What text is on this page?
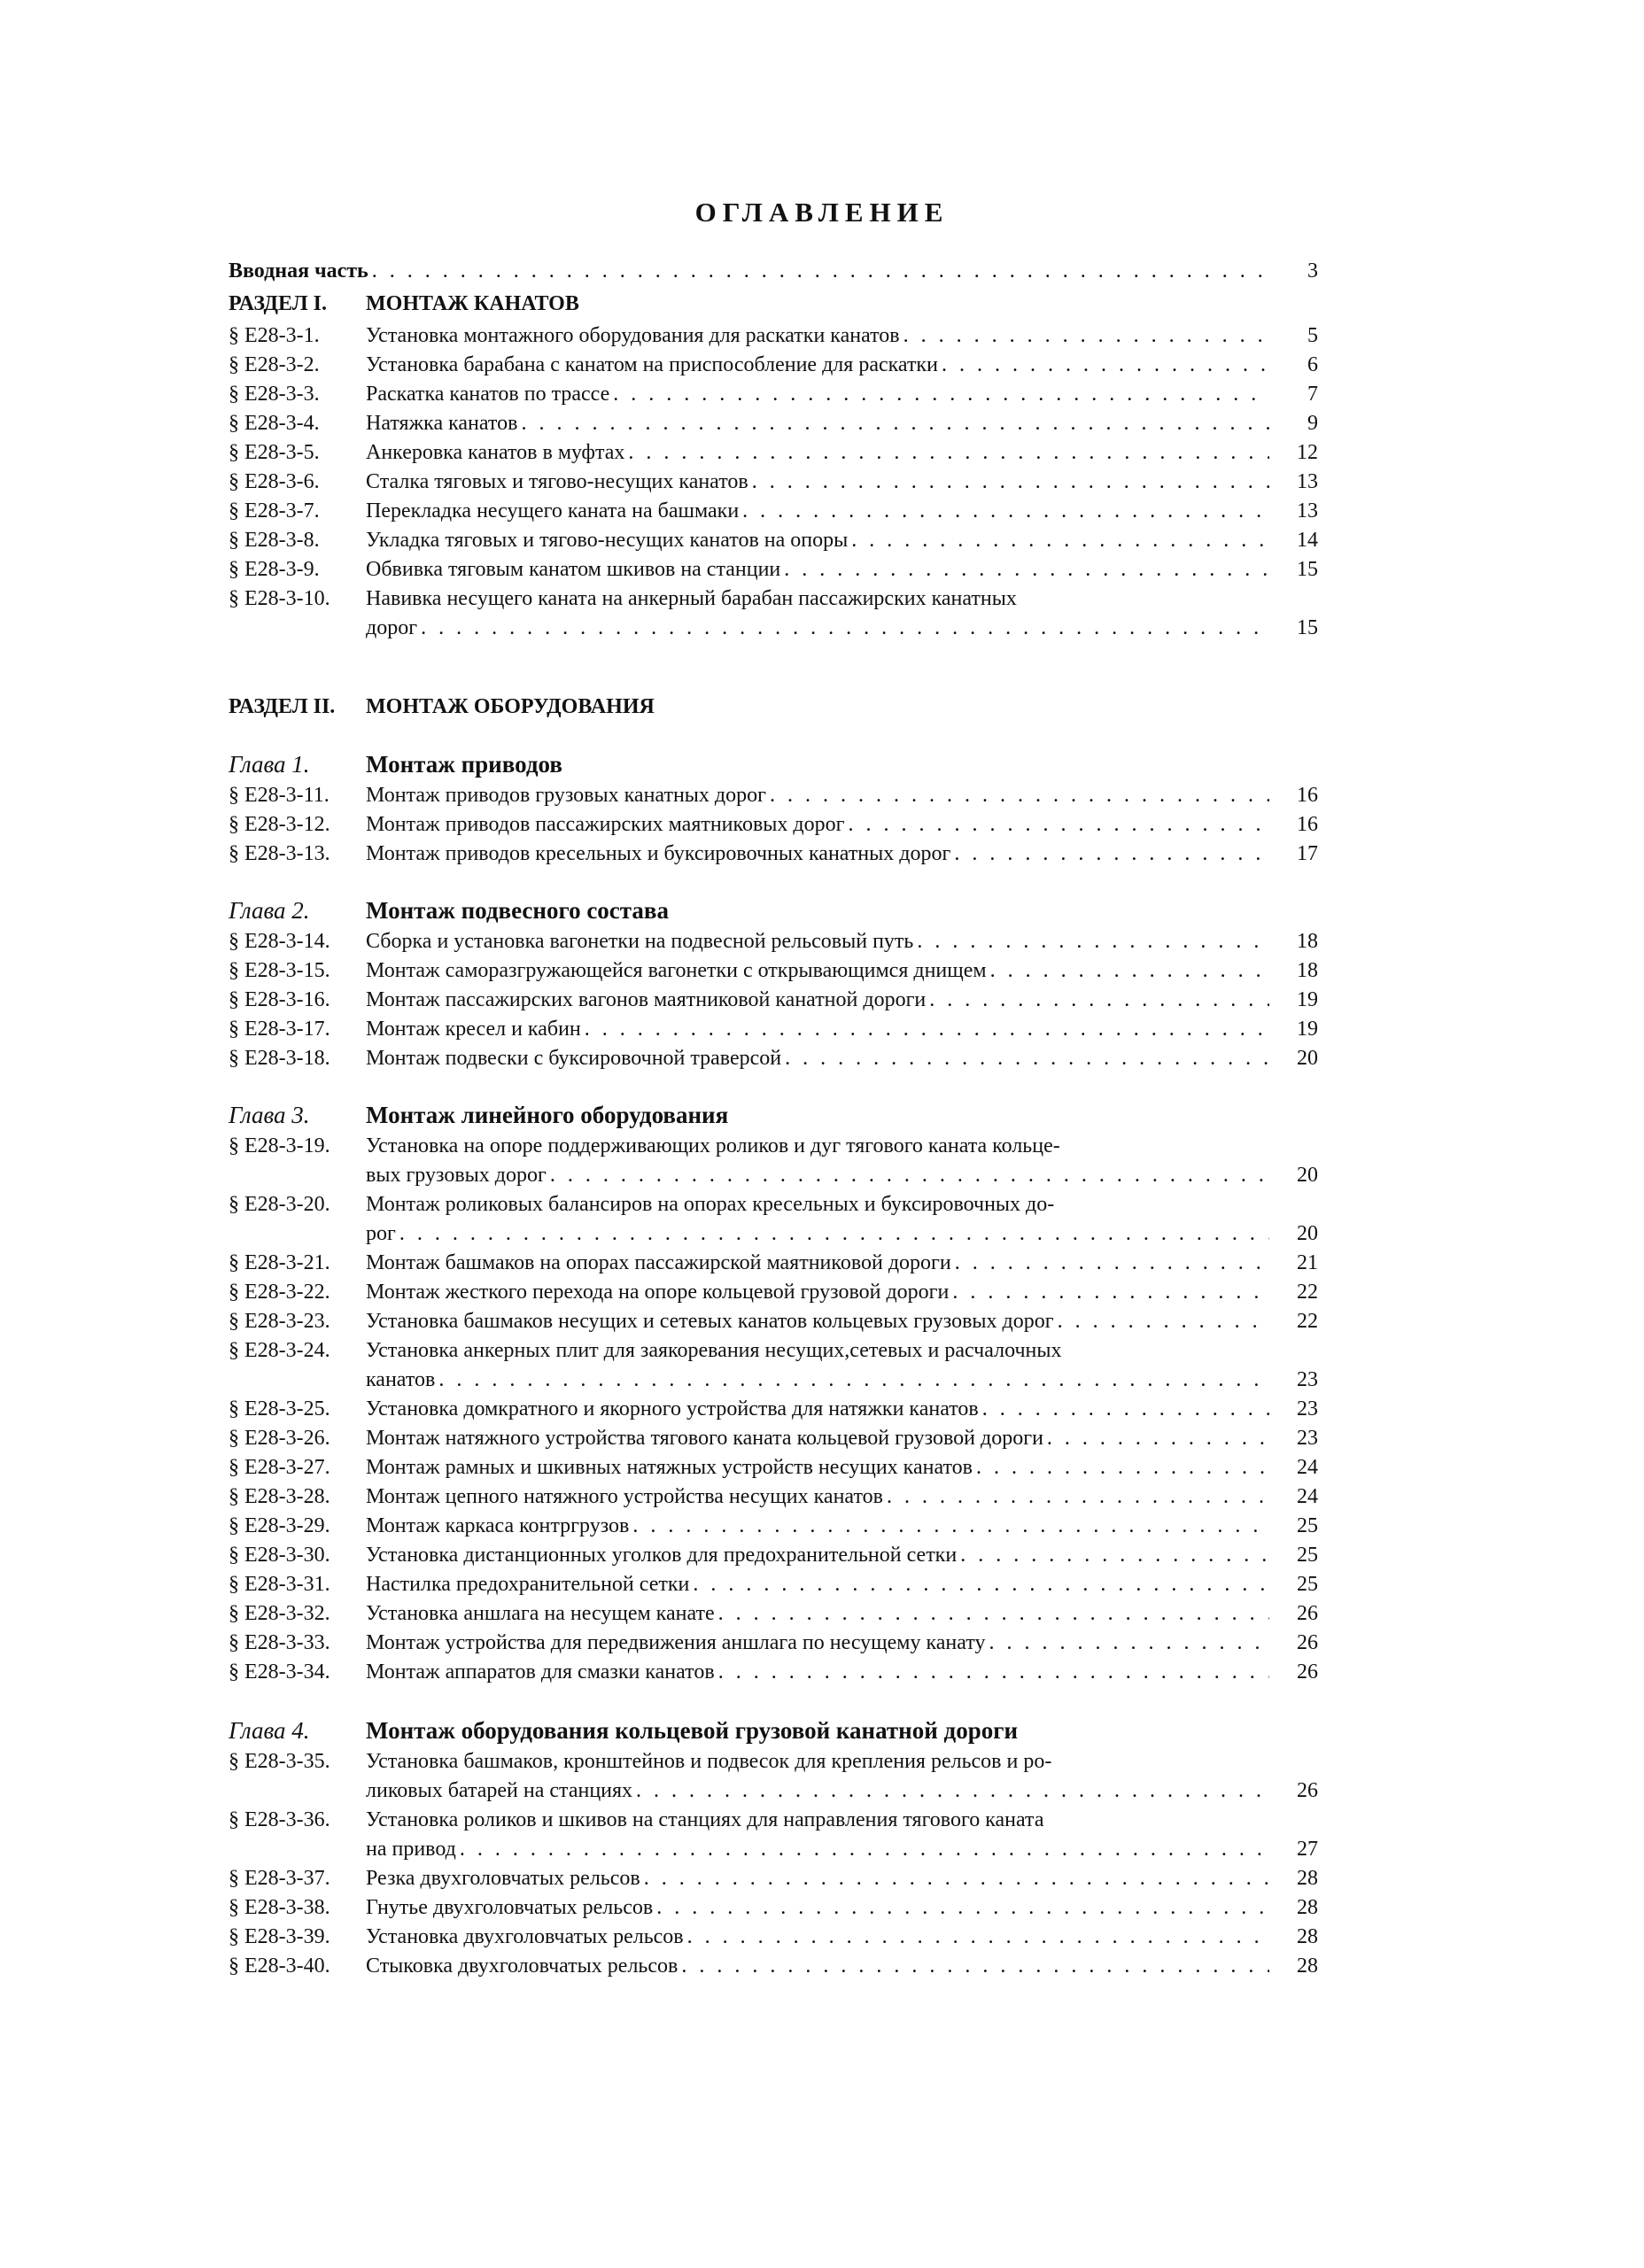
ОГЛАВЛЕНИЕ
Вводная часть . . .	3
РАЗДЕЛ I.	МОНТАЖ КАНАТОВ
§ Е28-3-1.	Установка монтажного оборудования для раскатки канатов . . .	5
§ Е28-3-2.	Установка барабана с канатом на приспособление для раскатки . . .	6
§ Е28-3-3.	Раскатка канатов по трассе . . .	7
§ Е28-3-4.	Натяжка канатов . . .	9
§ Е28-3-5.	Анкеровка канатов в муфтах . . .	12
§ Е28-3-6.	Сталка тяговых и тягово-несущих канатов . . .	13
§ Е28-3-7.	Перекладка несущего каната на башмаки . . .	13
§ Е28-3-8.	Укладка тяговых и тягово-несущих канатов на опоры . . .	14
§ Е28-3-9.	Обвивка тяговым канатом шкивов на станции . . .	15
§ Е28-3-10.	Навивка несущего каната на анкерный барабан пассажирских канатных
дорог . . .	15
РАЗДЕЛ II.	МОНТАЖ ОБОРУДОВАНИЯ
Глава 1.	Монтаж приводов
§ Е28-3-11.	Монтаж приводов грузовых канатных дорог . . .	16
§ Е28-3-12.	Монтаж приводов пассажирских маятниковых дорог . . .	16
§ Е28-3-13.	Монтаж приводов кресельных и буксировочных канатных дорог . . .	17
Глава 2.	Монтаж подвесного состава
§ Е28-3-14.	Сборка и установка вагонетки на подвесной рельсовый путь . . .	18
§ Е28-3-15.	Монтаж саморазгружающейся вагонетки с открывающимся днищем . . .	18
§ Е28-3-16.	Монтаж пассажирских вагонов маятниковой канатной дороги . . .	19
§ Е28-3-17.	Монтаж кресел и кабин . . .	19
§ Е28-3-18.	Монтаж подвески с буксировочной траверсой . . .	20
Глава 3.	Монтаж линейного оборудования
§ Е28-3-19.	Установка на опоре поддерживающих роликов и дуг тягового каната кольце-
вых грузовых дорог . . .	20
§ Е28-3-20.	Монтаж роликовых балансиров на опорах кресельных и буксировочных до-
рог . . .	20
§ Е28-3-21.	Монтаж башмаков на опорах пассажирской маятниковой дороги . . .	21
§ Е28-3-22.	Монтаж жесткого перехода на опоре кольцевой грузовой дороги . . .	22
§ Е28-3-23.	Установка башмаков несущих и сетевых канатов кольцевых грузовых дорог . . .	22
§ Е28-3-24.	Установка анкерных плит для заякоревания несущих,сетевых и расчалочных
канатов . . .	23
§ Е28-3-25.	Установка домкратного и якорного устройства для натяжки канатов . . .	23
§ Е28-3-26.	Монтаж натяжного устройства тягового каната кольцевой грузовой дороги . . .	23
§ Е28-3-27.	Монтаж рамных и шкивных натяжных устройств несущих канатов . . .	24
§ Е28-3-28.	Монтаж цепного натяжного устройства несущих канатов . . .	24
§ Е28-3-29.	Монтаж каркаса контргрузов . . .	25
§ Е28-3-30.	Установка дистанционных уголков для предохранительной сетки . . .	25
§ Е28-3-31.	Настилка предохранительной сетки . . .	25
§ Е28-3-32.	Установка аншлага на несущем канате . . .	26
§ Е28-3-33.	Монтаж устройства для передвижения аншлага по несущему канату . . .	26
§ Е28-3-34.	Монтаж аппаратов для смазки канатов . . .	26
Глава 4.	Монтаж оборудования кольцевой грузовой канатной дороги
§ Е28-3-35.	Установка башмаков, кронштейнов и подвесок для крепления рельсов и ро-
ликовых батарей на станциях . . .	26
§ Е28-3-36.	Установка роликов и шкивов на станциях для направления тягового каната
на привод . . .	27
§ Е28-3-37.	Резка двухголовчатых рельсов . . .	28
§ Е28-3-38.	Гнутье двухголовчатых рельсов . . .	28
§ Е28-3-39.	Установка двухголовчатых рельсов . . .	28
§ Е28-3-40.	Стыковка двухголовчатых рельсов . . .	28
